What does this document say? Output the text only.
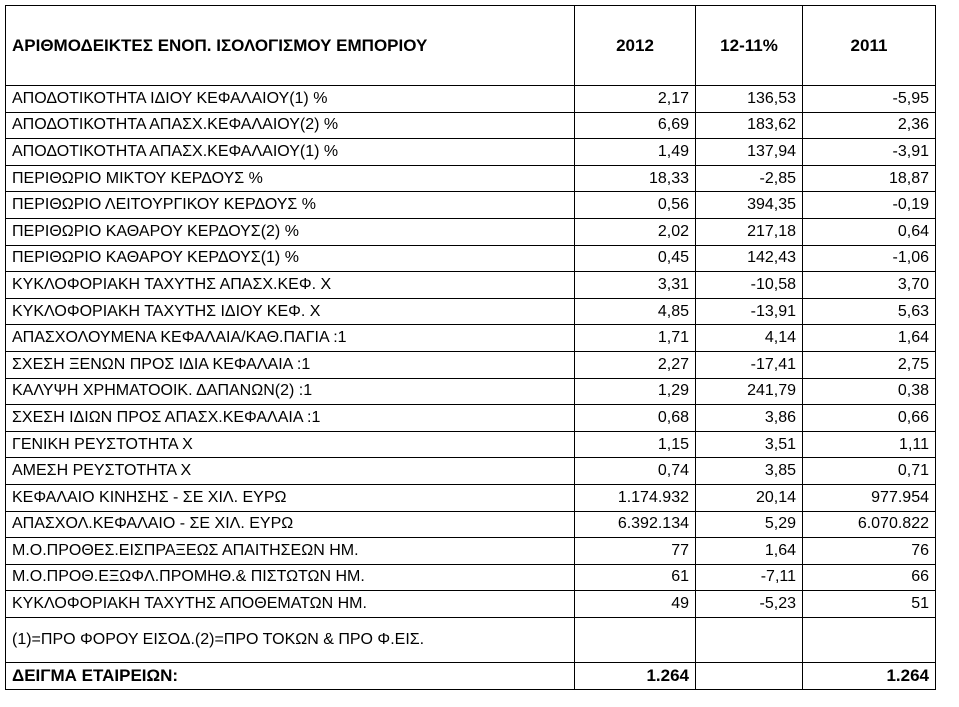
ΑΡΙΘΜΟΔΕΙΚΤΕΣ ΕΝΟΠ. ΙΣΟΛΟΓΙΣΜΟΥ ΕΜΠΟΡΙΟΥ	2012	12-11%	2011
ΑΠΟΔΟΤΙΚΟΤΗΤΑ ΙΔΙΟΥ ΚΕΦΑΛΑΙΟΥ(1) %	2,17	136,53	-5,95
ΑΠΟΔΟΤΙΚΟΤΗΤΑ ΑΠΑΣΧ.ΚΕΦΑΛΑΙΟΥ(2) %	6,69	183,62	2,36
ΑΠΟΔΟΤΙΚΟΤΗΤΑ ΑΠΑΣΧ.ΚΕΦΑΛΑΙΟΥ(1) %	1,49	137,94	-3,91
ΠΕΡΙΘΩΡΙΟ ΜΙΚΤΟΥ ΚΕΡΔΟΥΣ %	18,33	-2,85	18,87
ΠΕΡΙΘΩΡΙΟ ΛΕΙΤΟΥΡΓΙΚΟΥ ΚΕΡΔΟΥΣ %	0,56	394,35	-0,19
ΠΕΡΙΘΩΡΙΟ ΚΑΘΑΡΟΥ ΚΕΡΔΟΥΣ(2) %	2,02	217,18	0,64
ΠΕΡΙΘΩΡΙΟ ΚΑΘΑΡΟΥ ΚΕΡΔΟΥΣ(1) %	0,45	142,43	-1,06
ΚΥΚΛΟΦΟΡΙΑΚΗ ΤΑΧΥΤΗΣ ΑΠΑΣΧ.ΚΕΦ. Χ	3,31	-10,58	3,70
ΚΥΚΛΟΦΟΡΙΑΚΗ ΤΑΧΥΤΗΣ ΙΔΙΟΥ ΚΕΦ. Χ	4,85	-13,91	5,63
ΑΠΑΣΧΟΛΟΥΜΕΝΑ ΚΕΦΑΛΑΙΑ/ΚΑΘ.ΠΑΓΙΑ :1	1,71	4,14	1,64
ΣΧΕΣΗ ΞΕΝΩΝ ΠΡΟΣ ΙΔΙΑ ΚΕΦΑΛΑΙΑ :1	2,27	-17,41	2,75
ΚΑΛΥΨΗ ΧΡΗΜΑΤΟΟΙΚ. ΔΑΠΑΝΩΝ(2) :1	1,29	241,79	0,38
ΣΧΕΣΗ ΙΔΙΩΝ ΠΡΟΣ ΑΠΑΣΧ.ΚΕΦΑΛΑΙΑ :1	0,68	3,86	0,66
ΓΕΝΙΚΗ ΡΕΥΣΤΟΤΗΤΑ Χ	1,15	3,51	1,11
ΑΜΕΣΗ ΡΕΥΣΤΟΤΗΤΑ Χ	0,74	3,85	0,71
ΚΕΦΑΛΑΙΟ ΚΙΝΗΣΗΣ - ΣΕ ΧΙΛ. ΕΥΡΩ	1.174.932	20,14	977.954
ΑΠΑΣΧΟΛ.ΚΕΦΑΛΑΙΟ - ΣΕ ΧΙΛ. ΕΥΡΩ	6.392.134	5,29	6.070.822
Μ.Ο.ΠΡΟΘΕΣ.ΕΙΣΠΡΑΞΕΩΣ ΑΠΑΙΤΗΣΕΩΝ ΗΜ.	77	1,64	76
Μ.Ο.ΠΡΟΘ.ΕΞΩΦΛ.ΠΡΟΜΗΘ.& ΠΙΣΤΩΤΩΝ ΗΜ.	61	-7,11	66
ΚΥΚΛΟΦΟΡΙΑΚΗ ΤΑΧΥΤΗΣ ΑΠΟΘΕΜΑΤΩΝ ΗΜ.	49	-5,23	51
(1)=ΠΡΟ ΦΟΡΟΥ ΕΙΣΟΔ.(2)=ΠΡΟ ΤΟΚΩΝ & ΠΡΟ Φ.ΕΙΣ.			
ΔΕΙΓΜΑ ΕΤΑΙΡΕΙΩΝ:	1.264		1.264
